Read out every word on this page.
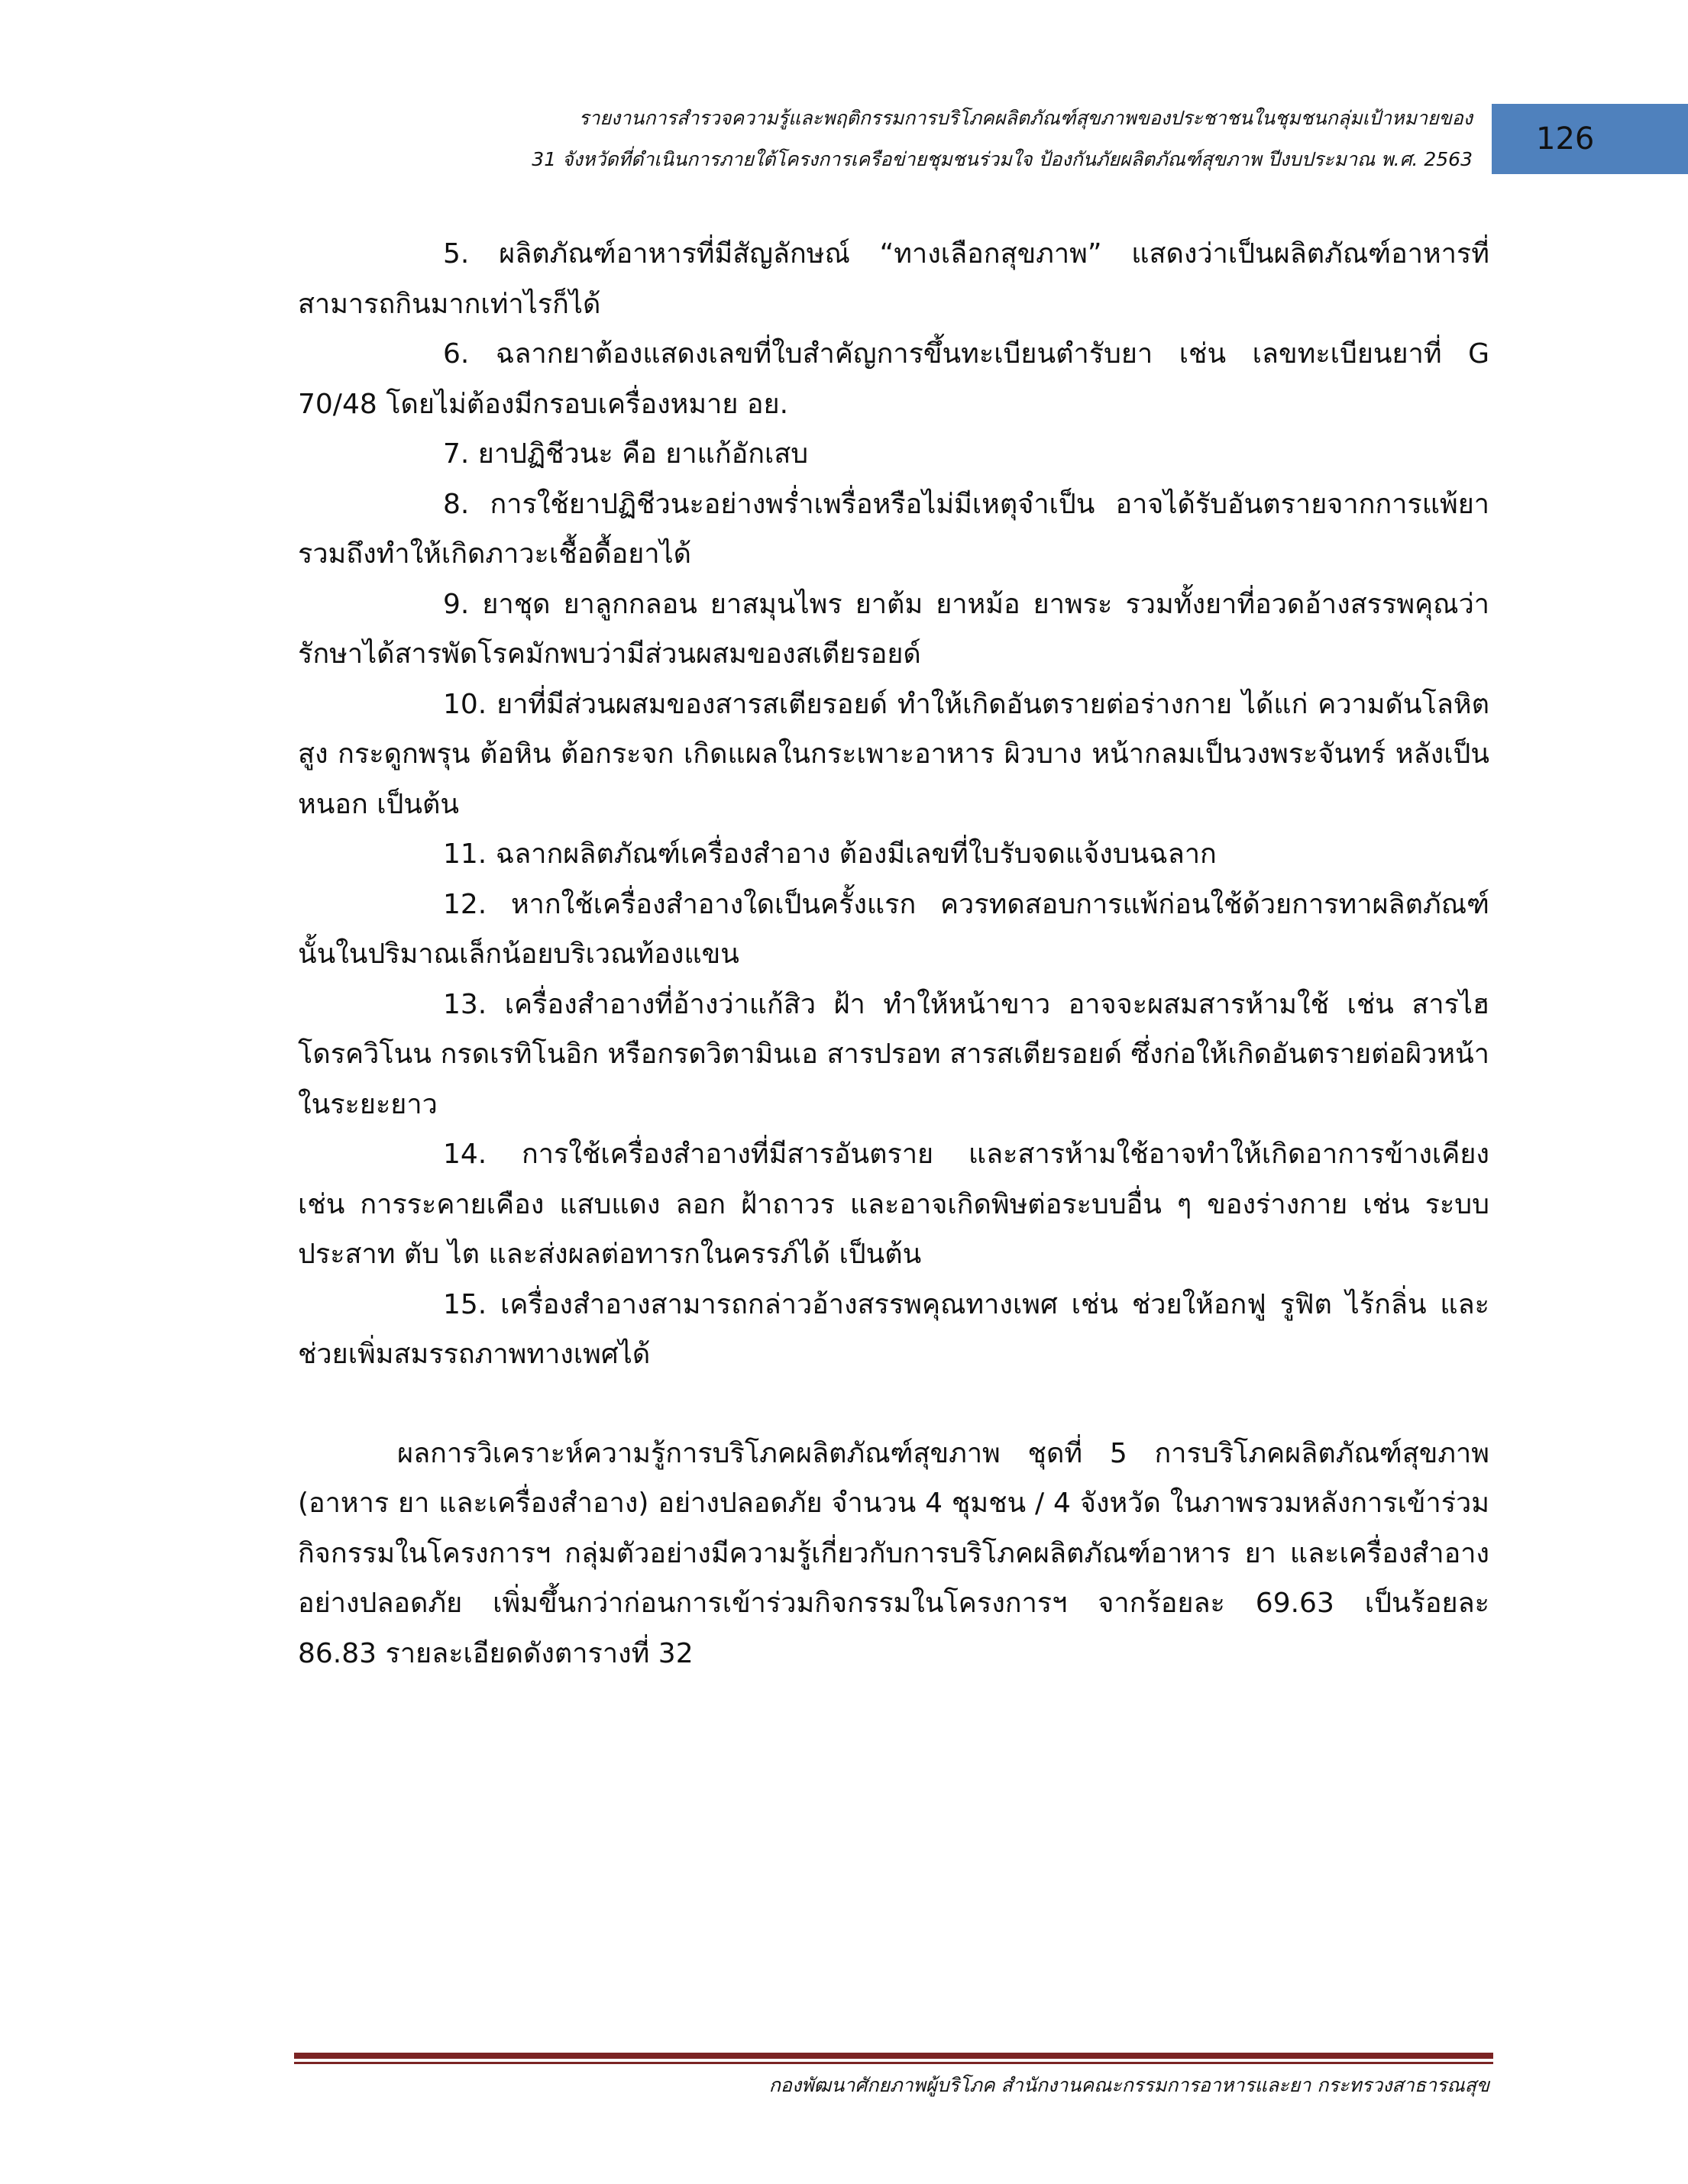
รายงานการสำรวจความรู้และพฤติกรรมการบริโภคผลิตภัณฑ์สุขภาพของประชาชนในชุมชนกลุ่มเป้าหมายของ
31 จังหวัดที่ดำเนินการภายใต้โครงการเครือข่ายชุมชนร่วมใจ ป้องกันภัยผลิตภัณฑ์สุขภาพ ปีงบประมาณ พ.ศ. 2563
126

5. ผลิตภัณฑ์อาหารที่มีสัญลักษณ์ “ทางเลือกสุขภาพ” แสดงว่าเป็นผลิตภัณฑ์อาหารที่สามารถกินมากเท่าไรก็ได้

6. ฉลากยาต้องแสดงเลขที่ใบสำคัญการขึ้นทะเบียนตำรับยา เช่น เลขทะเบียนยาที่ G 70/48 โดยไม่ต้องมีกรอบเครื่องหมาย อย.

7. ยาปฏิชีวนะ คือ ยาแก้อักเสบ

8. การใช้ยาปฏิชีวนะอย่างพร่ำเพรื่อหรือไม่มีเหตุจำเป็น อาจได้รับอันตรายจากการแพ้ยา รวมถึงทำให้เกิดภาวะเชื้อดื้อยาได้

9. ยาชุด ยาลูกกลอน ยาสมุนไพร ยาต้ม ยาหม้อ ยาพระ รวมทั้งยาที่อวดอ้างสรรพคุณว่ารักษาได้สารพัดโรคมักพบว่ามีส่วนผสมของสเตียรอยด์

10. ยาที่มีส่วนผสมของสารสเตียรอยด์ ทำให้เกิดอันตรายต่อร่างกาย ได้แก่ ความดันโลหิตสูง กระดูกพรุน ต้อหิน ต้อกระจก เกิดแผลในกระเพาะอาหาร ผิวบาง หน้ากลมเป็นวงพระจันทร์ หลังเป็นหนอก เป็นต้น

11. ฉลากผลิตภัณฑ์เครื่องสำอาง ต้องมีเลขที่ใบรับจดแจ้งบนฉลาก

12. หากใช้เครื่องสำอางใดเป็นครั้งแรก ควรทดสอบการแพ้ก่อนใช้ด้วยการทาผลิตภัณฑ์นั้นในปริมาณเล็กน้อยบริเวณท้องแขน

13. เครื่องสำอางที่อ้างว่าแก้สิว ฝ้า ทำให้หน้าขาว อาจจะผสมสารห้ามใช้ เช่น สารไฮโดรควิโนน กรดเรทิโนอิก หรือกรดวิตามินเอ สารปรอท สารสเตียรอยด์ ซึ่งก่อให้เกิดอันตรายต่อผิวหน้าในระยะยาว

14. การใช้เครื่องสำอางที่มีสารอันตราย และสารห้ามใช้อาจทำให้เกิดอาการข้างเคียง เช่น การระคายเคือง แสบแดง ลอก ฝ้าถาวร และอาจเกิดพิษต่อระบบอื่น ๆ ของร่างกาย เช่น ระบบประสาท ตับ ไต และส่งผลต่อทารกในครรภ์ได้ เป็นต้น

15. เครื่องสำอางสามารถกล่าวอ้างสรรพคุณทางเพศ เช่น ช่วยให้อกฟู รูฟิต ไร้กลิ่น และช่วยเพิ่มสมรรถภาพทางเพศได้

ผลการวิเคราะห์ความรู้การบริโภคผลิตภัณฑ์สุขภาพ ชุดที่ 5 การบริโภคผลิตภัณฑ์สุขภาพ (อาหาร ยา และเครื่องสำอาง) อย่างปลอดภัย จำนวน 4 ชุมชน / 4 จังหวัด ในภาพรวมหลังการเข้าร่วมกิจกรรมในโครงการฯ กลุ่มตัวอย่างมีความรู้เกี่ยวกับการบริโภคผลิตภัณฑ์อาหาร ยา และเครื่องสำอางอย่างปลอดภัย เพิ่มขึ้นกว่าก่อนการเข้าร่วมกิจกรรมในโครงการฯ จากร้อยละ 69.63 เป็นร้อยละ 86.83 รายละเอียดดังตารางที่ 32

กองพัฒนาศักยภาพผู้บริโภค สำนักงานคณะกรรมการอาหารและยา กระทรวงสาธารณสุข
